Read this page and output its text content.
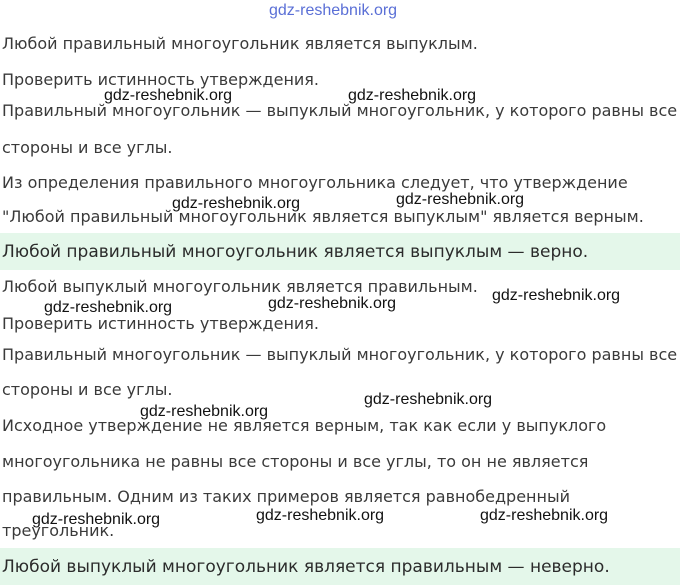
gdz-reshebnik.org
Любой правильный многоугольник является выпуклым.
Проверить истинность утверждения.
Правильный многоугольник — выпуклый многоугольник, у которого равны все
стороны и все углы.
Из определения правильного многоугольника следует, что утверждение
"Любой правильный многоугольник является выпуклым" является верным.
Любой правильный многоугольник является выпуклым — верно.
Любой выпуклый многоугольник является правильным.
Проверить истинность утверждения.
Правильный многоугольник — выпуклый многоугольник, у которого равны все
стороны и все углы.
Исходное утверждение не является верным, так как если у выпуклого
многоугольника не равны все стороны и все углы, то он не является
правильным. Одним из таких примеров является равнобедренный
треугольник.
Любой выпуклый многоугольник является правильным — неверно.
gdz-reshebnik.org	gdz-reshebnik.org
gdz-reshebnik.org	gdz-reshebnik.org
gdz-reshebnik.org	gdz-reshebnik.org	gdz-reshebnik.org
gdz-reshebnik.org
gdz-reshebnik.org
gdz-reshebnik.org	gdz-reshebnik.org	gdz-reshebnik.org
